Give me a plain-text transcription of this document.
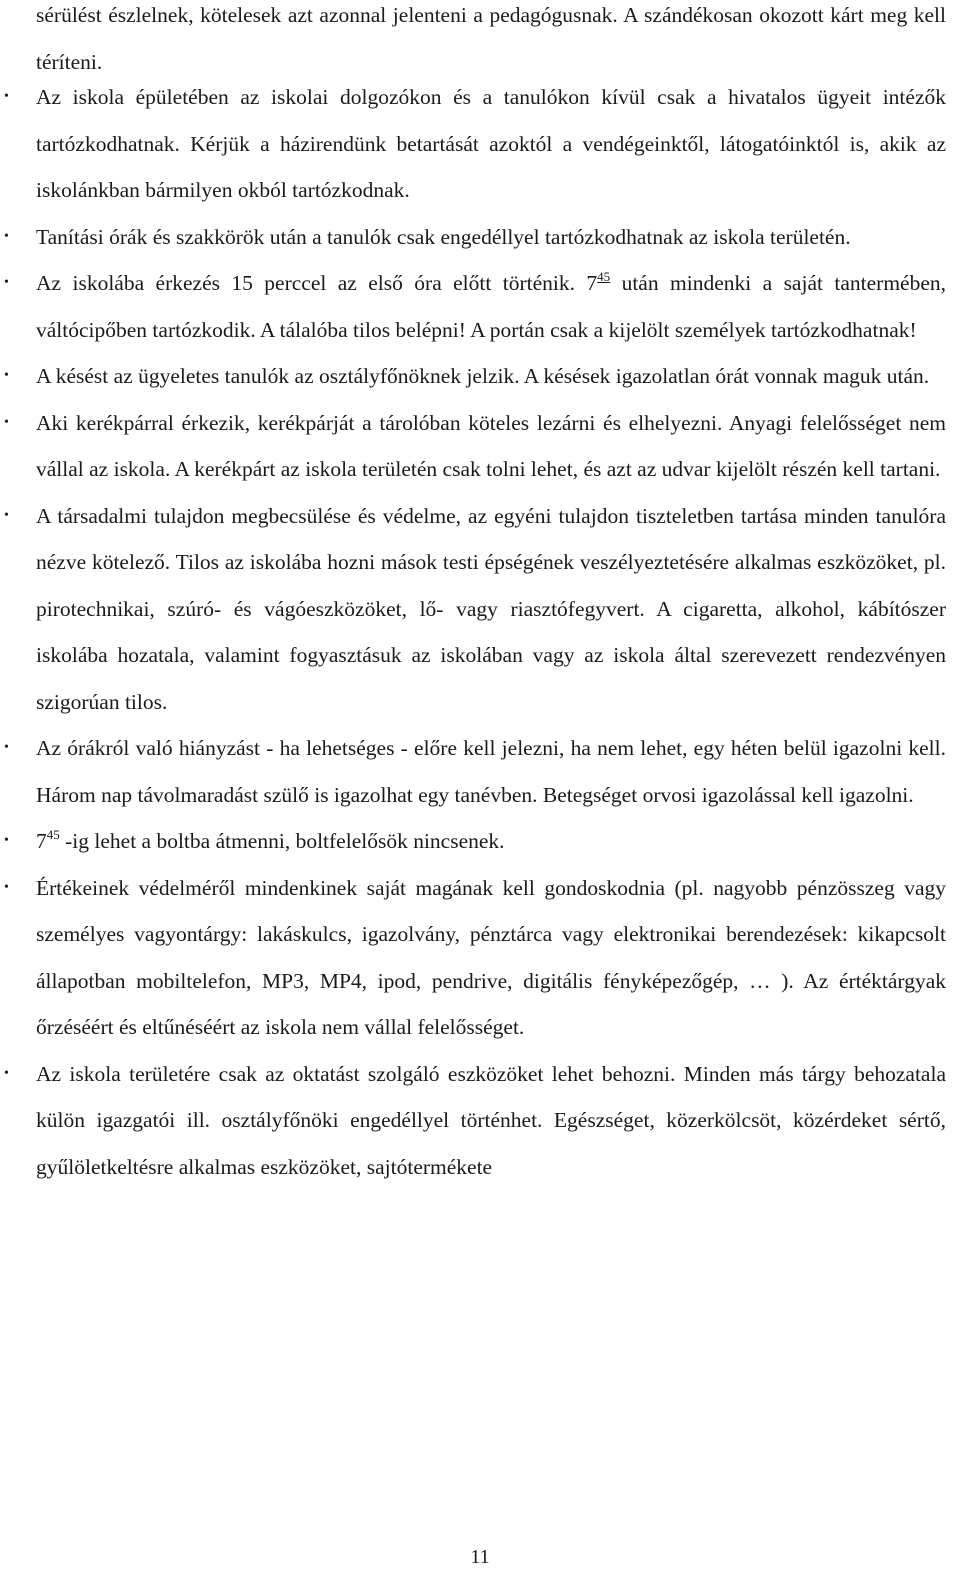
sérülést észlelnek, kötelesek azt azonnal jelenteni a pedagógusnak. A szándékosan okozott kárt meg kell téríteni.

• Az iskola épületében az iskolai dolgozókon és a tanulókon kívül csak a hivatalos ügyeit intézők tartózkodhatnak. Kérjük a házirendünk betartását azoktól a vendégeinktől, látogatóinktól is, akik az iskolánkban bármilyen okból tartózkodnak.
• Tanítási órák és szakkörök után a tanulók csak engedéllyel tartózkodhatnak az iskola területén.
• Az iskolába érkezés 15 perccel az első óra előtt történik. $7^{45}$ után mindenki a saját tantermében, váltócipőben tartózkodik. A tálalóba tilos belépni! A portán csak a kijelölt személyek tartózkodhatnak!
• A késést az ügyeletes tanulók az osztályfőnöknek jelzik. A késések igazolatlan órát vonnak maguk után.
• Aki kerékpárral érkezik, kerékpárját a tárolóban köteles lezárni és elhelyezni. Anyagi felelősséget nem vállal az iskola. A kerékpárt az iskola területén csak tolni lehet, és azt az udvar kijelölt részén kell tartani.
• A társadalmi tulajdon megbecsülése és védelme, az egyéni tulajdon tiszteletben tartása minden tanulóra nézve kötelező. Tilos az iskolába hozni mások testi épségének veszélyeztetésére alkalmas eszközöket, pl. pirotechnikai, szúró- és vágóeszközöket, lő- vagy riasztófegyvert. A cigaretta, alkohol, kábítószer iskolába hozatala, valamint fogyasztásuk az iskolában vagy az iskola által szerevezett rendezvényen szigorúan tilos.
• Az órákról való hiányzást - ha lehetséges - előre kell jelezni, ha nem lehet, egy héten belül igazolni kell. Három nap távolmaradást szülő is igazolhat egy tanévben. Betegséget orvosi igazolással kell igazolni.
• $7^{45}$ -ig lehet a boltba átmenni, boltfelelősök nincsenek.
• Értékeinek védelméről mindenkinek saját magának kell gondoskodnia (pl. nagyobb pénzösszeg vagy személyes vagyontárgy: lakáskulcs, igazolvány, pénztárca vagy elektronikai berendezések: kikapcsolt állapotban mobiltelefon, MP3, MP4, ipod, pendrive, digitális fényképezőgép, … ). Az értéktárgyak őrzéséért és eltűnéséért az iskola nem vállal felelősséget.
• Az iskola területére csak az oktatást szolgáló eszközöket lehet behozni. Minden más tárgy behozatala külön igazgatói ill. osztályfőnöki engedéllyel történhet. Egészséget, közerkölcsöt, közérdeket sértő, gyűlöletkeltésre alkalmas eszközöket, sajtótermékete
11
